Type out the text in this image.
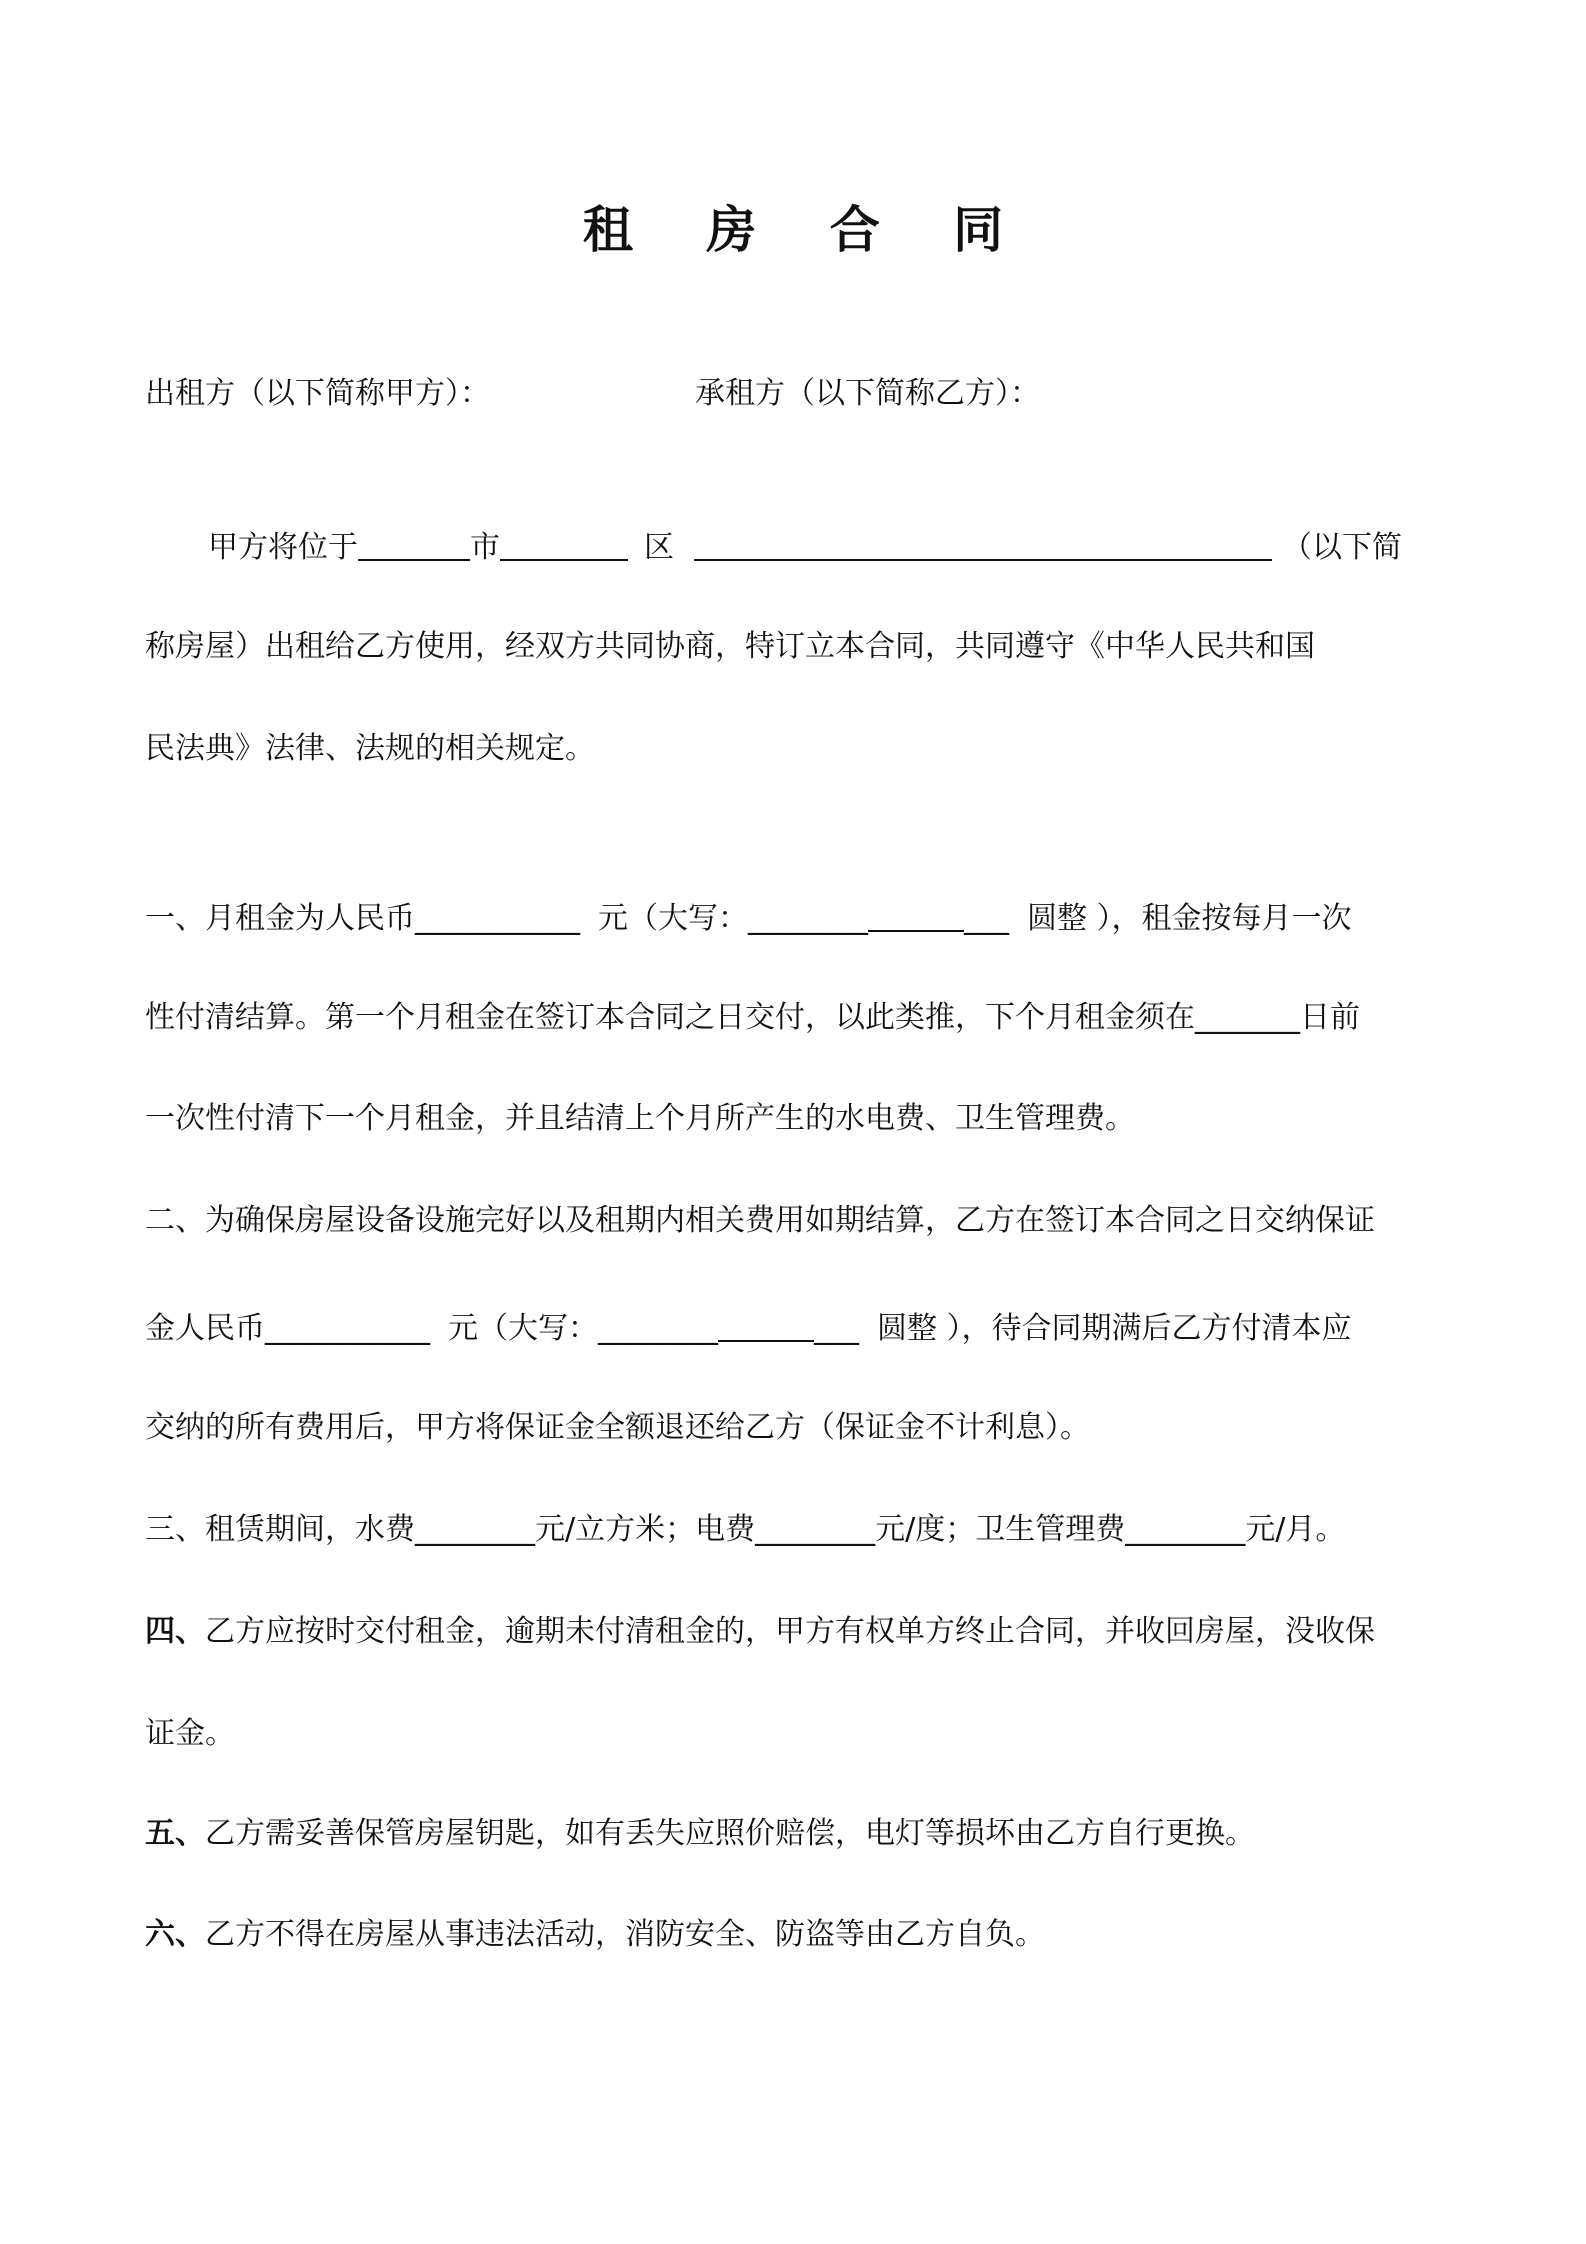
租 房 合 同
出租方（以下简称甲方）：	承租方（以下简称乙方）：
甲方将位于	市	区	（以下简
称房屋）出租给乙方使用，经双方共同协商，特订立本合同，共同遵守《中华人民共和国
民法典》法律、法规的相关规定。
一、月租金为人民币___________ 元（大写：________	___ 圆整 ），租金按每月一次
性付清结算。第一个月租金在签订本合同之日交付，以此类推，下个月租金须在_______日前
一次性付清下一个月租金，并且结清上个月所产生的水电费、卫生管理费。
二、为确保房屋设备设施完好以及租期内相关费用如期结算，乙方在签订本合同之日交纳保证
金人民币___________ 元（大写：________	___ 圆整 ），待合同期满后乙方付清本应
交纳的所有费用后，甲方将保证金全额退还给乙方（保证金不计利息）。
三、租赁期间，水费________元/立方米；电费________元/度；卫生管理费________元/月。
四、乙方应按时交付租金，逾期未付清租金的，甲方有权单方终止合同，并收回房屋，没收保
证金。
五、乙方需妥善保管房屋钥匙，如有丢失应照价赔偿，电灯等损坏由乙方自行更换。
六、乙方不得在房屋从事违法活动，消防安全、防盗等由乙方自负。
